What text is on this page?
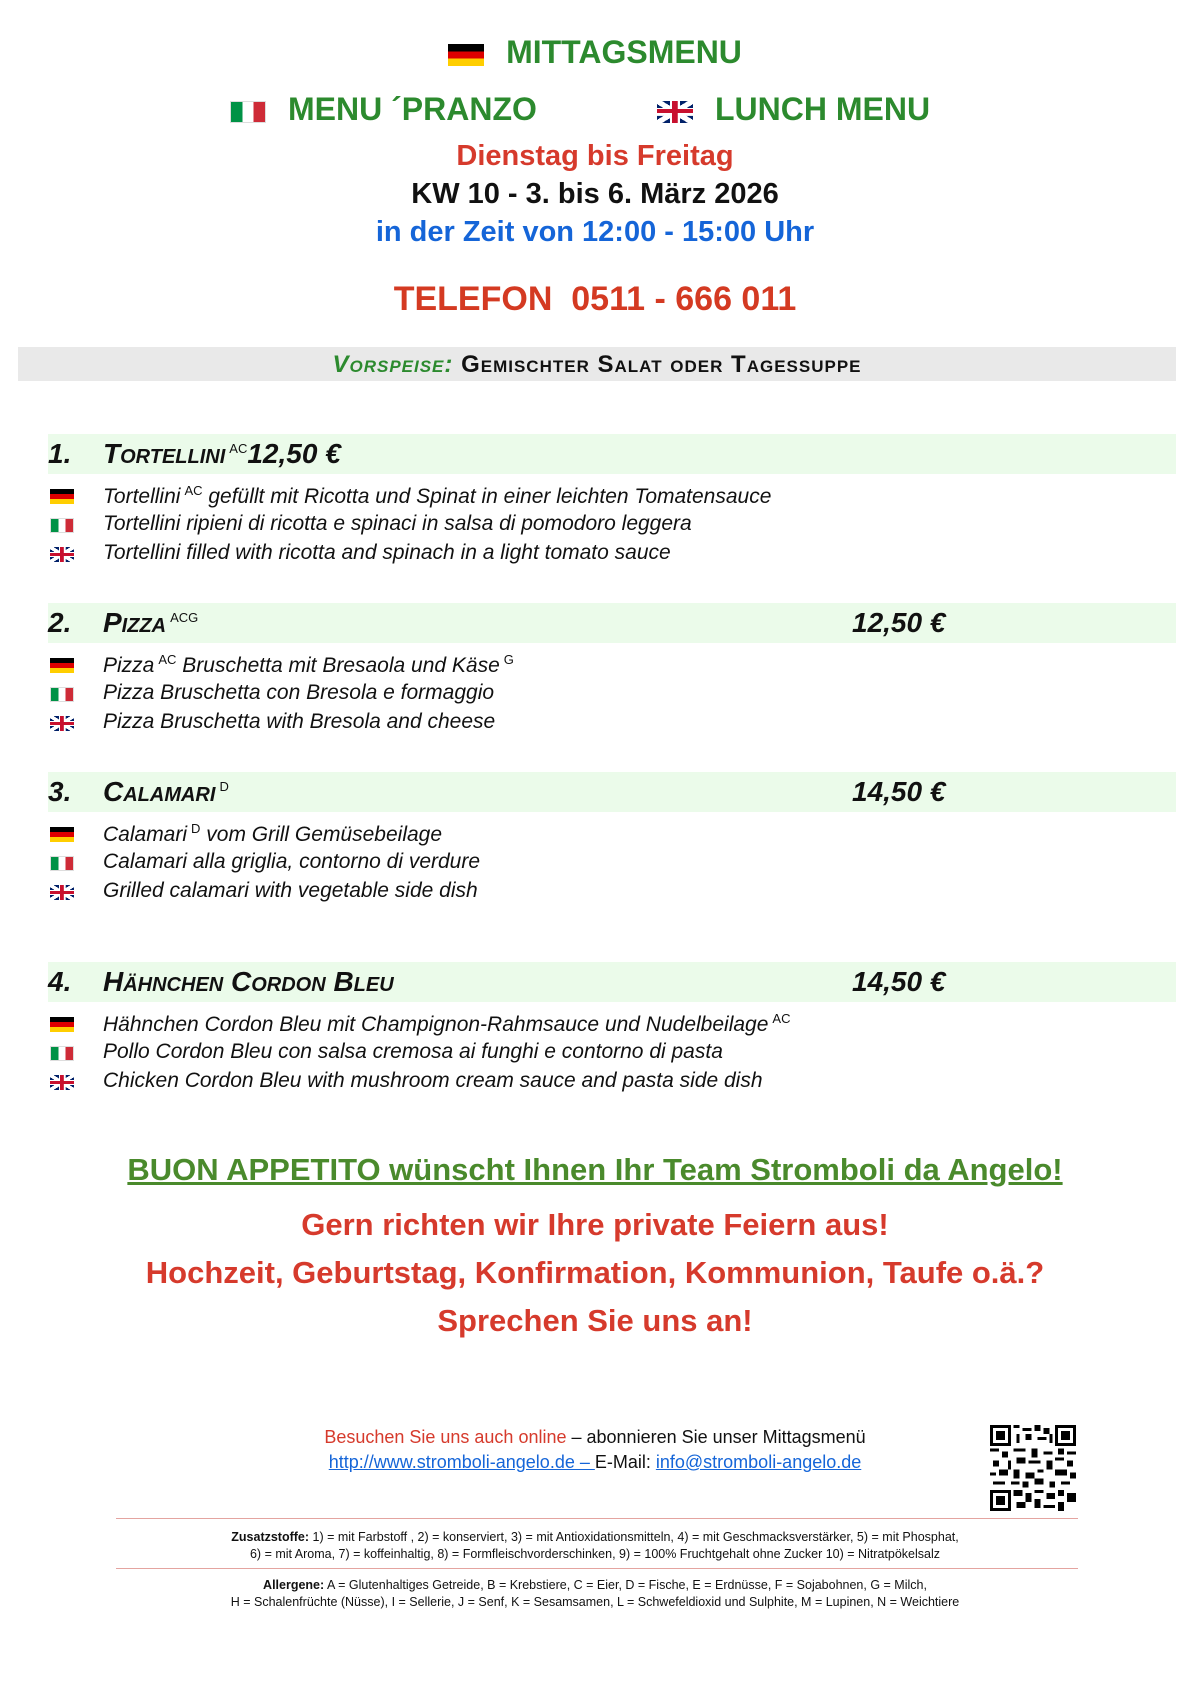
MITTAGSMENU
MENU ´PRANZO	LUNCH MENU
Dienstag bis Freitag
KW 10 - 3. bis 6. März 2026
in der Zeit von 12:00 - 15:00 Uhr
TELEFON  0511 - 666 011
Vorspeise: Gemischter Salat oder Tagessuppe
1. Tortellini $^{AC}$12,50 €
Tortellini $^{AC}$ gefüllt mit Ricotta und Spinat in einer leichten Tomatensauce
Tortellini ripieni di ricotta e spinaci in salsa di pomodoro leggera
Tortellini filled with ricotta and spinach in a light tomato sauce
2. Pizza $^{ACG}$	12,50 €
Pizza $^{AC}$ Bruschetta mit Bresaola und Käse $^G$
Pizza Bruschetta con Bresola e formaggio
Pizza Bruschetta with Bresola and cheese
3. Calamari $^D$	14,50 €
Calamari $^D$ vom Grill Gemüsebeilage
Calamari alla griglia, contorno di verdure
Grilled calamari with vegetable side dish
4. Hähnchen Cordon Bleu	14,50 €
Hähnchen Cordon Bleu mit Champignon-Rahmsauce und Nudelbeilage $^{AC}$
Pollo Cordon Bleu con salsa cremosa ai funghi e contorno di pasta
Chicken Cordon Bleu with mushroom cream sauce and pasta side dish
BUON APPETITO wünscht Ihnen Ihr Team Stromboli da Angelo!
Gern richten wir Ihre private Feiern aus!
Hochzeit, Geburtstag, Konfirmation, Kommunion, Taufe o.ä.?
Sprechen Sie uns an!
Besuchen Sie uns auch online – abonnieren Sie unser Mittagsmenü
http://www.stromboli-angelo.de – E-Mail: info@stromboli-angelo.de
Zusatzstoffe: 1) = mit Farbstoff , 2) = konserviert, 3) = mit Antioxidationsmitteln, 4) = mit Geschmacksverstärker, 5) = mit Phosphat,
6) = mit Aroma, 7) = koffeinhaltig, 8) = Formfleischvorderschinken, 9) = 100% Fruchtgehalt ohne Zucker 10) = Nitratpökelsalz
Allergene: A = Glutenhaltiges Getreide, B = Krebstiere, C = Eier, D = Fische, E = Erdnüsse, F = Sojabohnen, G = Milch,
H = Schalenfrüchte (Nüsse), I = Sellerie, J = Senf, K = Sesamsamen, L = Schwefeldioxid und Sulphite, M = Lupinen, N = Weichtiere
